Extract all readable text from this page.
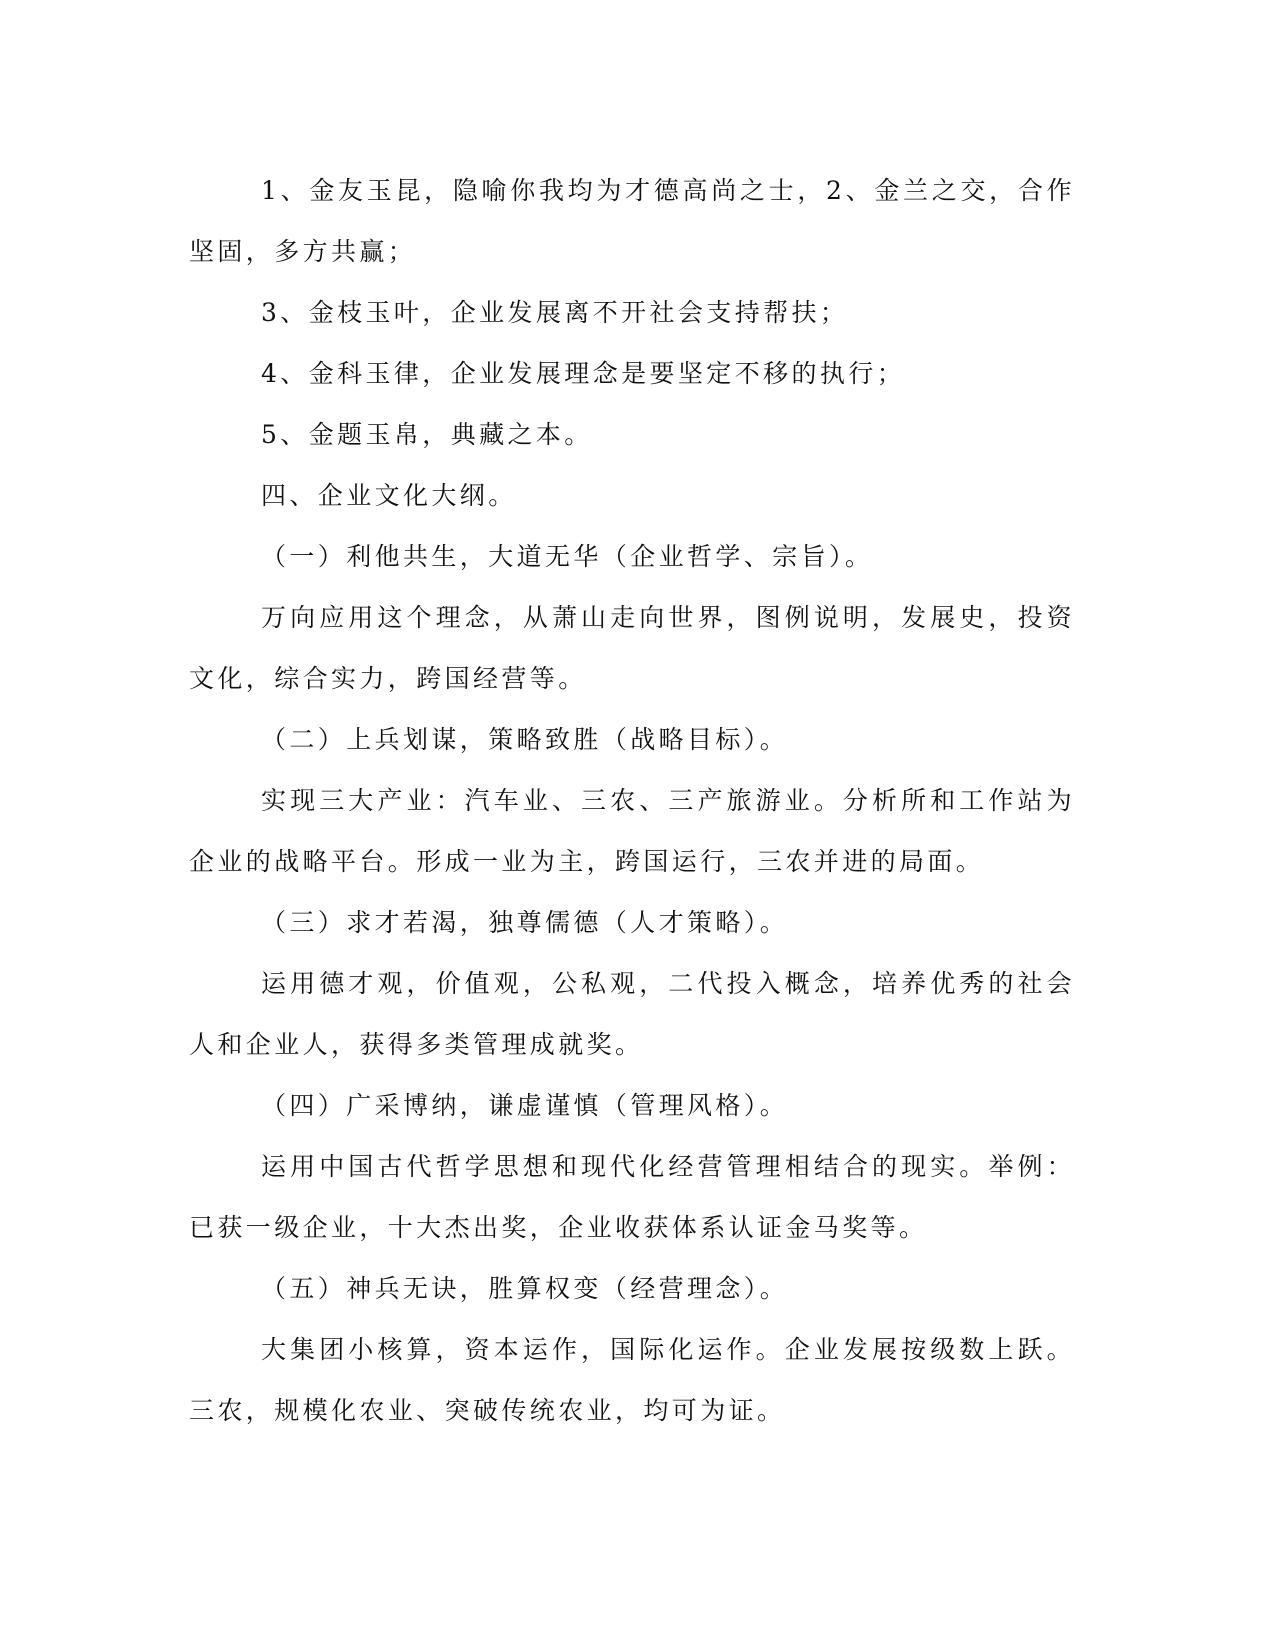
1、金友玉昆，隐喻你我均为才德高尚之士，2、金兰之交，合作坚固，多方共赢；

3、金枝玉叶，企业发展离不开社会支持帮扶；

4、金科玉律，企业发展理念是要坚定不移的执行；

5、金题玉帛，典藏之本。

四、企业文化大纲。

（一）利他共生，大道无华（企业哲学、宗旨）。

万向应用这个理念，从萧山走向世界，图例说明，发展史，投资文化，综合实力，跨国经营等。

（二）上兵划谋，策略致胜（战略目标）。

实现三大产业：汽车业、三农、三产旅游业。分析所和工作站为企业的战略平台。形成一业为主，跨国运行，三农并进的局面。

（三）求才若渴，独尊儒德（人才策略）。

运用德才观，价值观，公私观，二代投入概念，培养优秀的社会人和企业人，获得多类管理成就奖。

（四）广采博纳，谦虚谨慎（管理风格）。

运用中国古代哲学思想和现代化经营管理相结合的现实。举例：已获一级企业，十大杰出奖，企业收获体系认证金马奖等。

（五）神兵无诀，胜算权变（经营理念）。

大集团小核算，资本运作，国际化运作。企业发展按级数上跃。三农，规模化农业、突破传统农业，均可为证。
